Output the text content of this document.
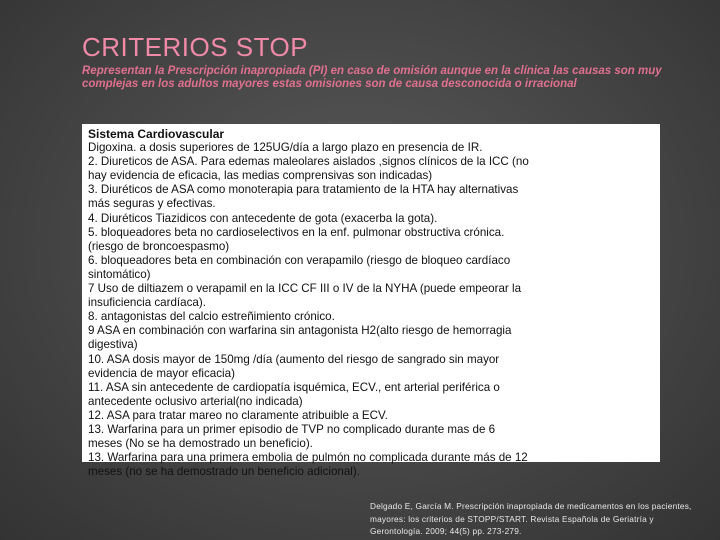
CRITERIOS STOP
Representan la Prescripción inapropiada (PI) en caso de omisión aunque en la clínica las causas son muy complejas en los adultos mayores estas omisiones son de causa desconocida o irracional
Sistema Cardiovascular
Digoxina. a dosis superiores de 125UG/día a largo plazo en presencia de IR.
2. Diureticos de ASA. Para edemas maleolares aislados ,signos clínicos de la ICC (no
hay evidencia de eficacia, las medias comprensivas son indicadas)
3. Diuréticos de ASA como monoterapia para tratamiento de la HTA hay alternativas
más seguras y efectivas.
4. Diuréticos Tiazidicos con antecedente de gota (exacerba la gota).
5. bloqueadores beta no cardioselectivos en la enf. pulmonar obstructiva crónica.
(riesgo de broncoespasmo)
6. bloqueadores beta en combinación con verapamilo (riesgo de bloqueo cardíaco
sintomático)
7 Uso de diltiazem o verapamil en la ICC CF III o IV de la NYHA (puede empeorar la
insuficiencia cardíaca).
8. antagonistas del calcio estreñimiento crónico.
9 ASA en combinación con warfarina sin antagonista H2(alto riesgo de hemorragia
digestiva)
10. ASA dosis mayor de 150mg /día (aumento del riesgo de sangrado sin mayor
evidencia de mayor eficacia)
11. ASA sin antecedente de cardiopatía isquémica, ECV., ent arterial periférica o
antecedente oclusivo arterial(no indicada)
12. ASA para tratar mareo no claramente atribuible a ECV.
13. Warfarina para un primer episodio de TVP no complicado durante mas de 6
meses (No se ha demostrado un beneficio).
13. Warfarina para una primera embolia de pulmón no complicada durante más de 12
meses (no se ha demostrado un beneficio adicional).
Delgado E, García M. Prescripción inapropiada de medicamentos en los pacientes, mayores: los criterios de STOPP/START. Revista Española de Geriatría y Gerontología. 2009; 44(5) pp. 273-279.
